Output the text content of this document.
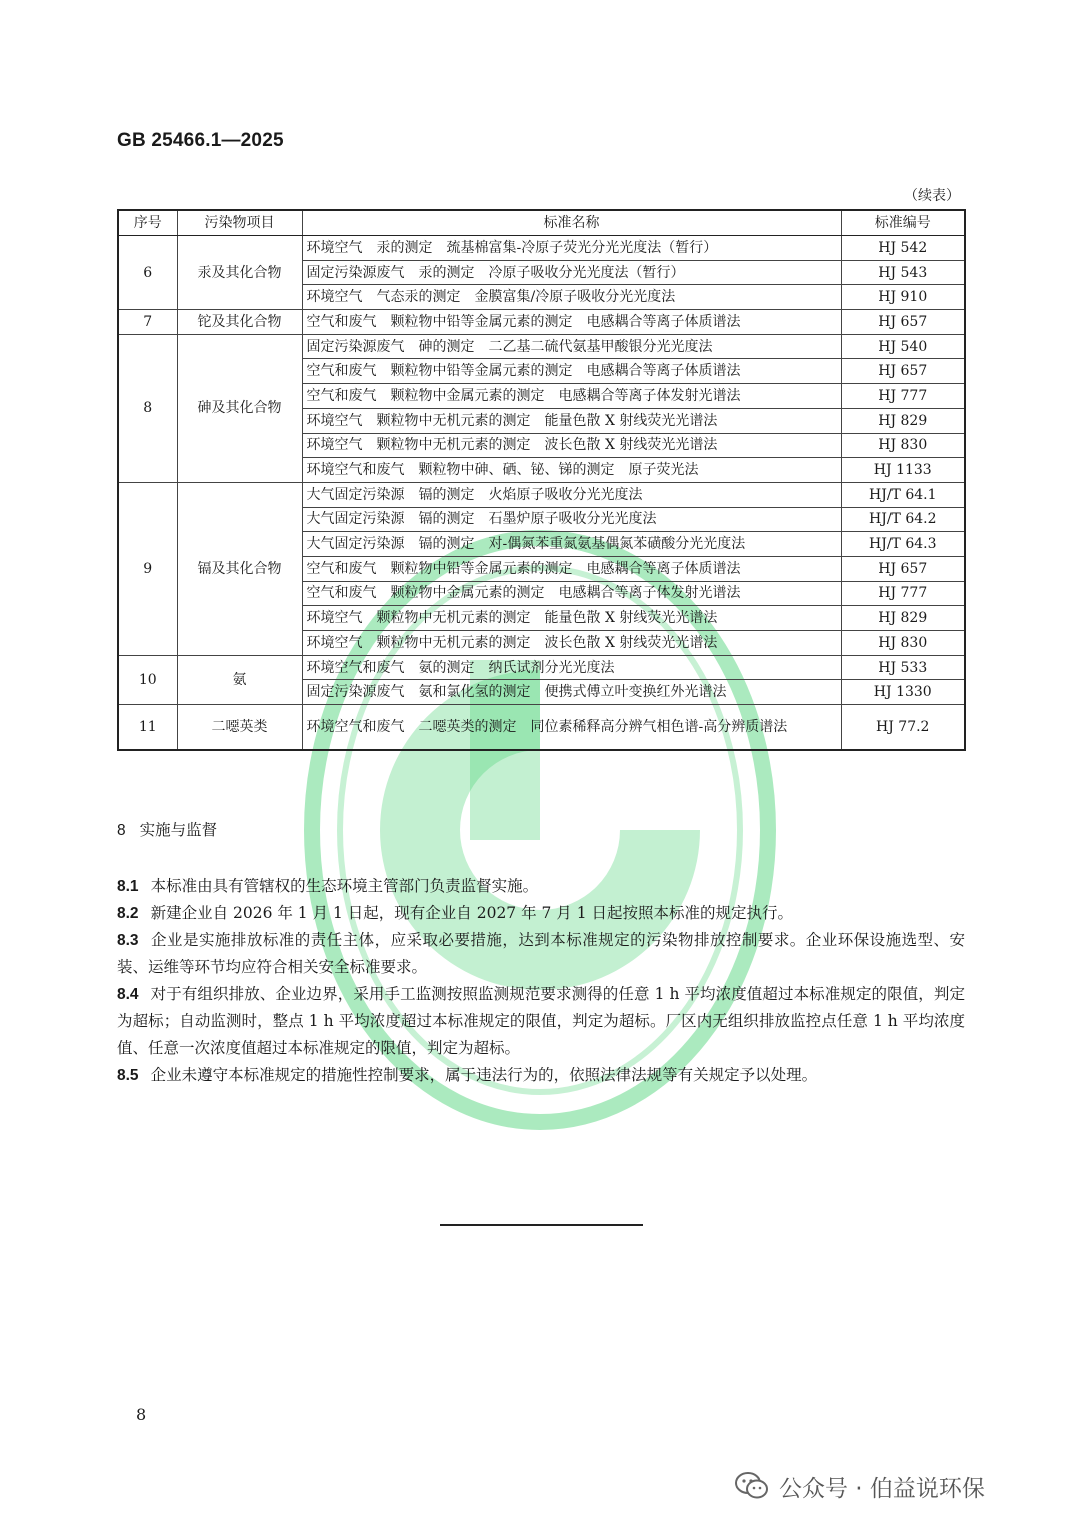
GB 25466.1—2025
（续表）
序号	污染物项目	标准名称	标准编号
6	汞及其化合物	环境空气　汞的测定　巯基棉富集-冷原子荧光分光光度法（暂行）	HJ 542
		固定污染源废气　汞的测定　冷原子吸收分光光度法（暂行）	HJ 543
		环境空气　气态汞的测定　金膜富集/冷原子吸收分光光度法	HJ 910
7	铊及其化合物	空气和废气　颗粒物中铅等金属元素的测定　电感耦合等离子体质谱法	HJ 657
8	砷及其化合物	固定污染源废气　砷的测定　二乙基二硫代氨基甲酸银分光光度法	HJ 540
		空气和废气　颗粒物中铅等金属元素的测定　电感耦合等离子体质谱法	HJ 657
		空气和废气　颗粒物中金属元素的测定　电感耦合等离子体发射光谱法	HJ 777
		环境空气　颗粒物中无机元素的测定　能量色散 X 射线荧光光谱法	HJ 829
		环境空气　颗粒物中无机元素的测定　波长色散 X 射线荧光光谱法	HJ 830
		环境空气和废气　颗粒物中砷、硒、铋、锑的测定　原子荧光法	HJ 1133
9	镉及其化合物	大气固定污染源　镉的测定　火焰原子吸收分光光度法	HJ/T 64.1
		大气固定污染源　镉的测定　石墨炉原子吸收分光光度法	HJ/T 64.2
		大气固定污染源　镉的测定　对-偶氮苯重氮氨基偶氮苯磺酸分光光度法	HJ/T 64.3
		空气和废气　颗粒物中铅等金属元素的测定　电感耦合等离子体质谱法	HJ 657
		空气和废气　颗粒物中金属元素的测定　电感耦合等离子体发射光谱法	HJ 777
		环境空气　颗粒物中无机元素的测定　能量色散 X 射线荧光光谱法	HJ 829
		环境空气　颗粒物中无机元素的测定　波长色散 X 射线荧光光谱法	HJ 830
10	氨	环境空气和废气　氨的测定　纳氏试剂分光光度法	HJ 533
		固定污染源废气　氨和氯化氢的测定　便携式傅立叶变换红外光谱法	HJ 1330
11	二噁英类	环境空气和废气　二噁英类的测定　同位素稀释高分辨气相色谱-高分辨质谱法	HJ 77.2
8 实施与监督

8.1 本标准由具有管辖权的生态环境主管部门负责监督实施。

8.2 新建企业自 2026 年 1 月 1 日起，现有企业自 2027 年 7 月 1 日起按照本标准的规定执行。

8.3 企业是实施排放标准的责任主体，应采取必要措施，达到本标准规定的污染物排放控制要求。企业环保设施选型、安装、运维等环节均应符合相关安全标准要求。

8.4 对于有组织排放、企业边界，采用手工监测按照监测规范要求测得的任意 1 h 平均浓度值超过本标准规定的限值，判定为超标；自动监测时，整点 1 h 平均浓度超过本标准规定的限值，判定为超标。厂区内无组织排放监控点任意 1 h 平均浓度值、任意一次浓度值超过本标准规定的限值，判定为超标。

8.5 企业未遵守本标准规定的措施性控制要求，属于违法行为的，依照法律法规等有关规定予以处理。

8
公众号 · 伯益说环保
